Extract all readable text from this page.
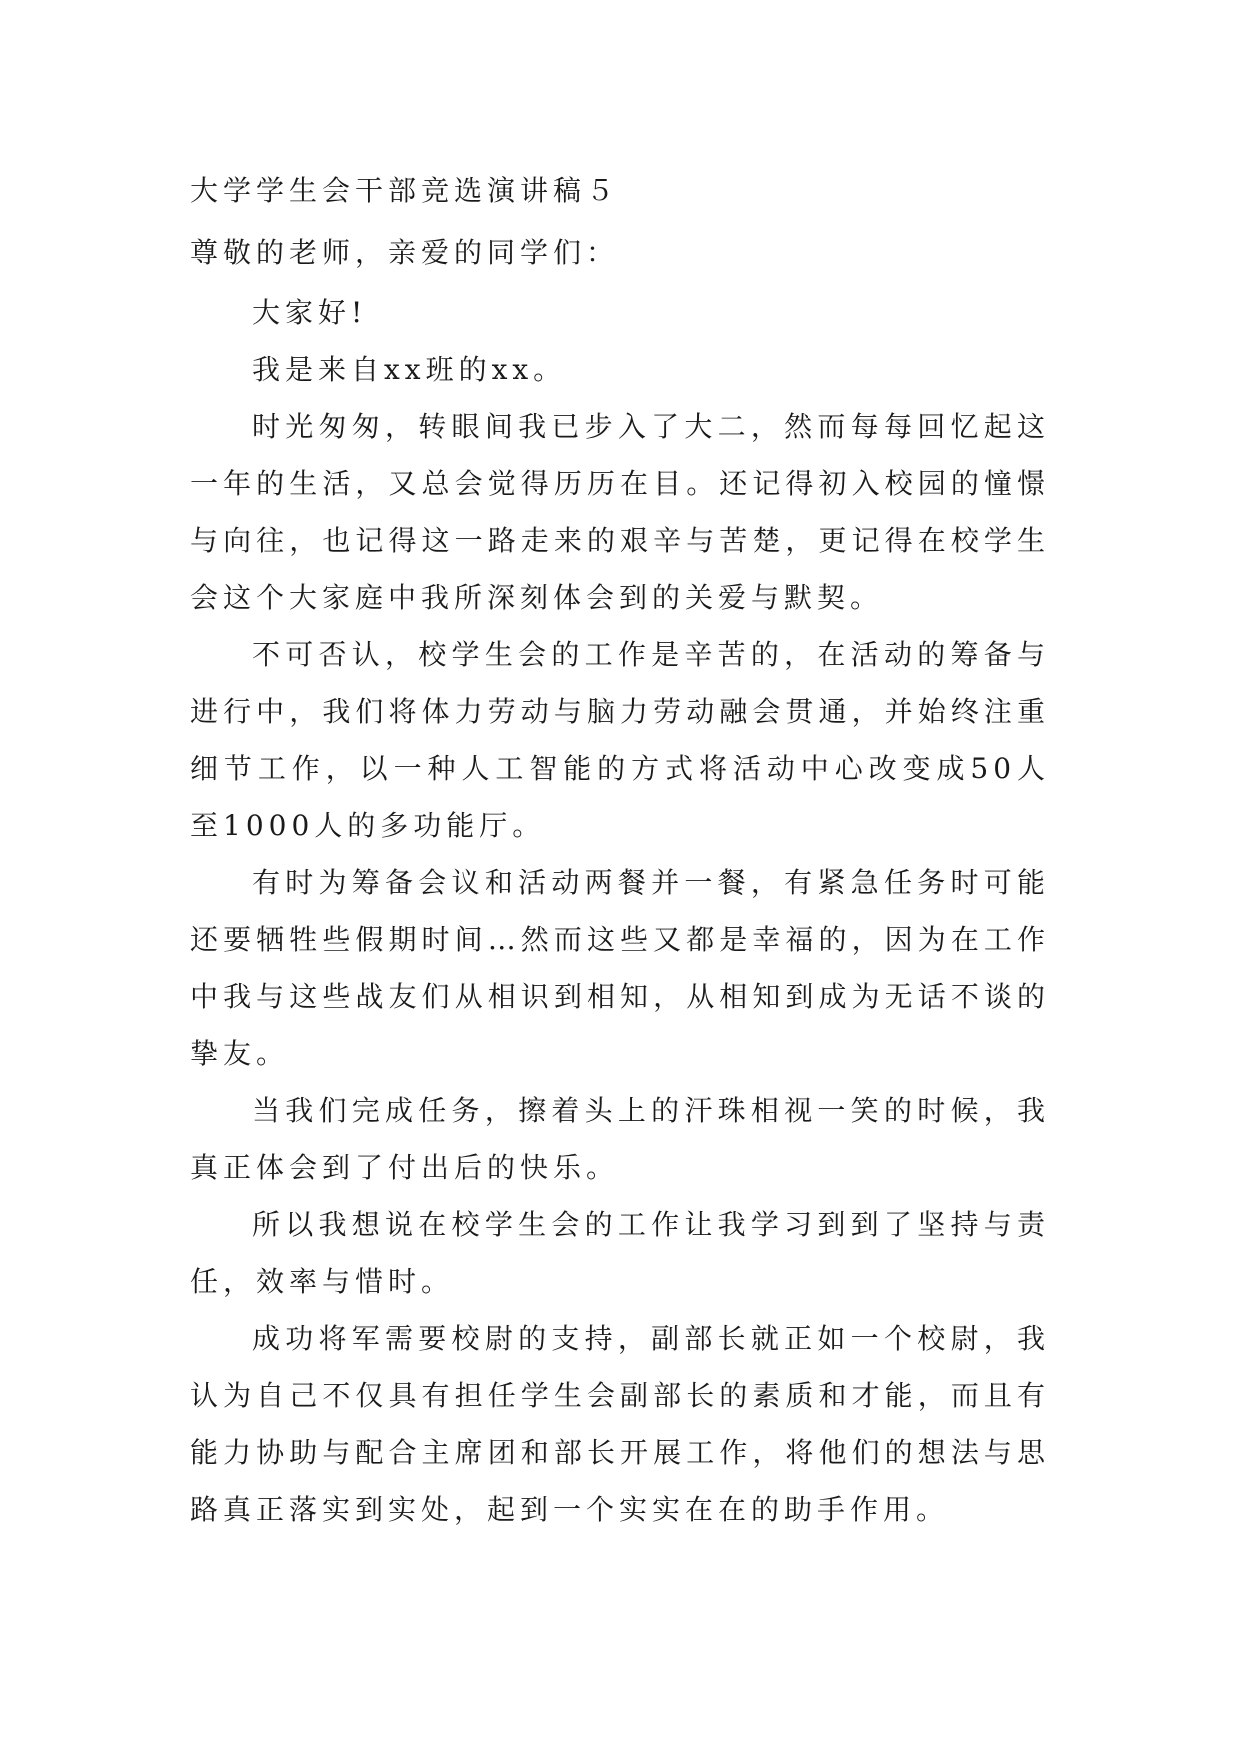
大学学生会干部竞选演讲稿５

尊敬的老师，亲爱的同学们：

大家好!

我是来自xx班的xx。

时光匆匆，转眼间我已步入了大二，然而每每回忆起这一年的生活，又总会觉得历历在目。还记得初入校园的憧憬与向往，也记得这一路走来的艰辛与苦楚，更记得在校学生会这个大家庭中我所深刻体会到的关爱与默契。

不可否认，校学生会的工作是辛苦的，在活动的筹备与进行中，我们将体力劳动与脑力劳动融会贯通，并始终注重细节工作，以一种人工智能的方式将活动中心改变成50人至1000人的多功能厅。

有时为筹备会议和活动两餐并一餐，有紧急任务时可能还要牺牲些假期时间…然而这些又都是幸福的，因为在工作中我与这些战友们从相识到相知，从相知到成为无话不谈的挚友。

当我们完成任务，擦着头上的汗珠相视一笑的时候，我真正体会到了付出后的快乐。

所以我想说在校学生会的工作让我学习到到了坚持与责任，效率与惜时。

成功将军需要校尉的支持，副部长就正如一个校尉，我认为自己不仅具有担任学生会副部长的素质和才能，而且有能力协助与配合主席团和部长开展工作，将他们的想法与思路真正落实到实处，起到一个实实在在的助手作用。
